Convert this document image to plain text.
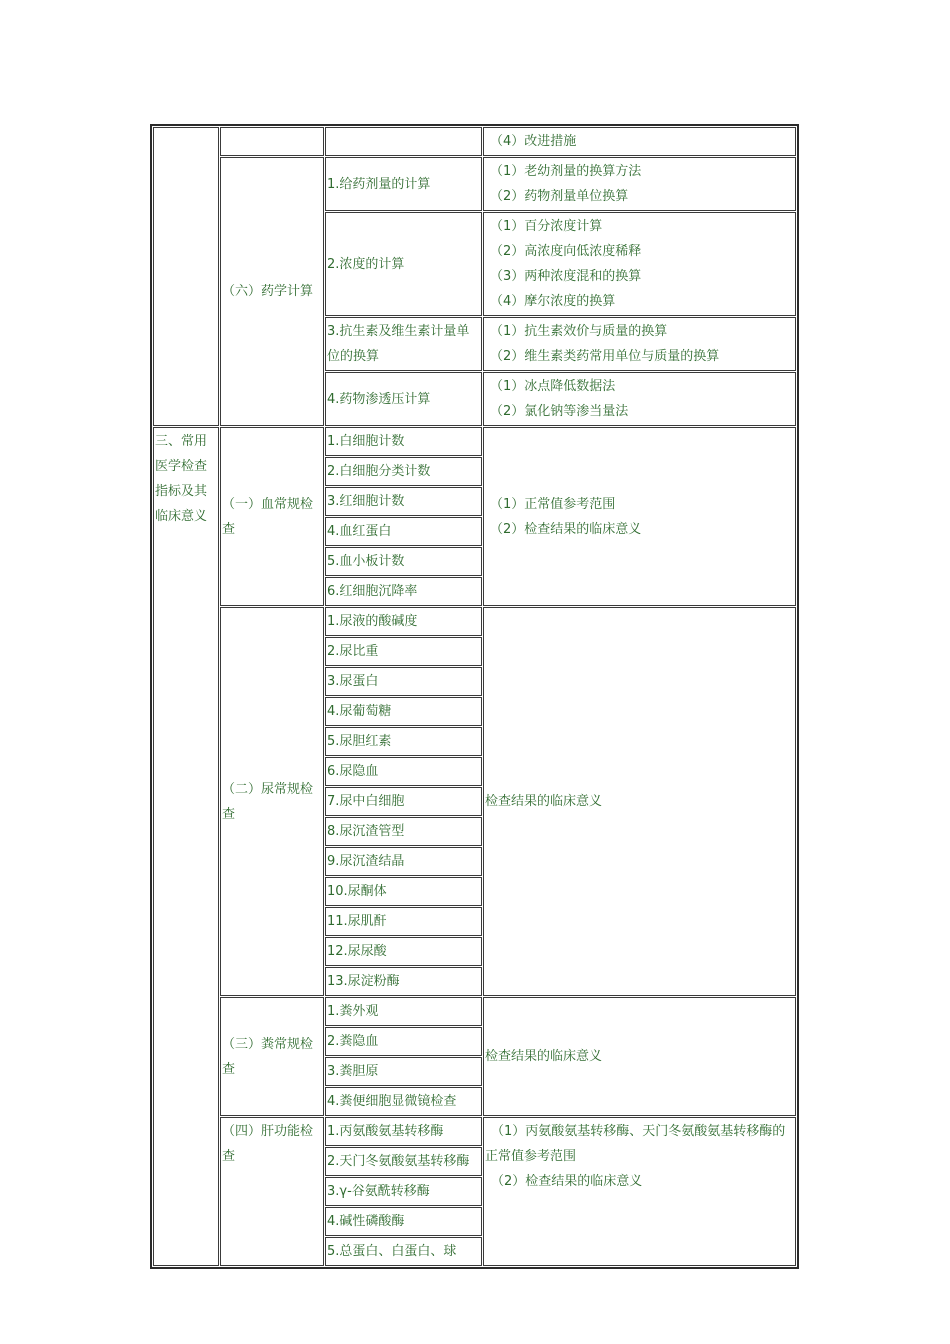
			（4）改进措施
	（六）药学计算	1.给药剂量的计算	（1）老幼剂量的换算方法
（2）药物剂量单位换算

		2.浓度的计算	（1）百分浓度计算
（2）高浓度向低浓度稀释
（3）两种浓度混和的换算
（4）摩尔浓度的换算

		3.抗生素及维生素计量单位的换算	（1）抗生素效价与质量的换算
（2）维生素类药常用单位与质量的换算

		4.药物渗透压计算	（1）冰点降低数据法
（2）氯化钠等渗当量法

三、常用医学检查指标及其临床意义	（一）血常规检查	1.白细胞计数	（1）正常值参考范围
（2）检查结果的临床意义

		2.白细胞分类计数	
		3.红细胞计数	
		4.血红蛋白	
		5.血小板计数	
		6.红细胞沉降率	
	（二）尿常规检查	1.尿液的酸碱度	检查结果的临床意义
		2.尿比重	
		3.尿蛋白	
		4.尿葡萄糖	
		5.尿胆红素	
		6.尿隐血	
		7.尿中白细胞	
		8.尿沉渣管型	
		9.尿沉渣结晶	
		10.尿酮体	
		11.尿肌酐	
		12.尿尿酸	
		13.尿淀粉酶	
	（三）粪常规检查	1.粪外观	检查结果的临床意义
		2.粪隐血	
		3.粪胆原	
		4.粪便细胞显微镜检查	
	（四）肝功能检查	1.丙氨酸氨基转移酶	（1）丙氨酸氨基转移酶、天门冬氨酸氨基转移酶的正常值参考范围
（2）检查结果的临床意义

		2.天门冬氨酸氨基转移酶	
		3.γ-谷氨酰转移酶	
		4.碱性磷酸酶	
		5.总蛋白、白蛋白、球	
